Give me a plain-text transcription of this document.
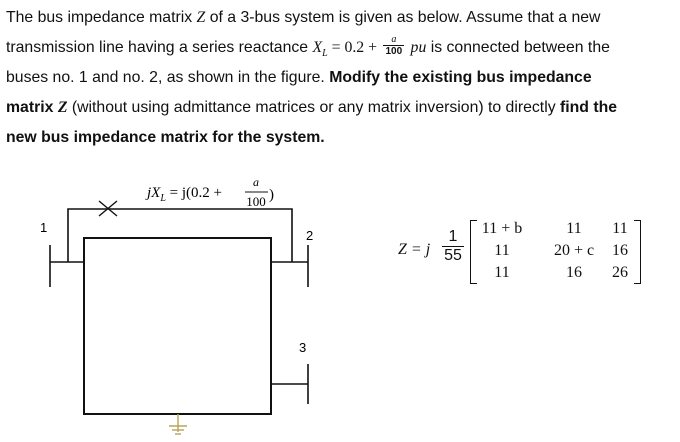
The bus impedance matrix Z of a 3-bus system is given as below. Assume that a new
transmission line having a series reactance $X_L = 0.2 + \frac{a}{100}$ pu is connected between the
buses no. 1 and no. 2, as shown in the figure. Modify the existing bus impedance
matrix Z (without using admittance matrices or any matrix inversion) to directly find the
new bus impedance matrix for the system.
$jX_L = j(0.2$ +
a
100 )
1
2
3
Z = j $\frac{1}{55}$	11 + b	11	11
11	20 + c	16
11	16	26
